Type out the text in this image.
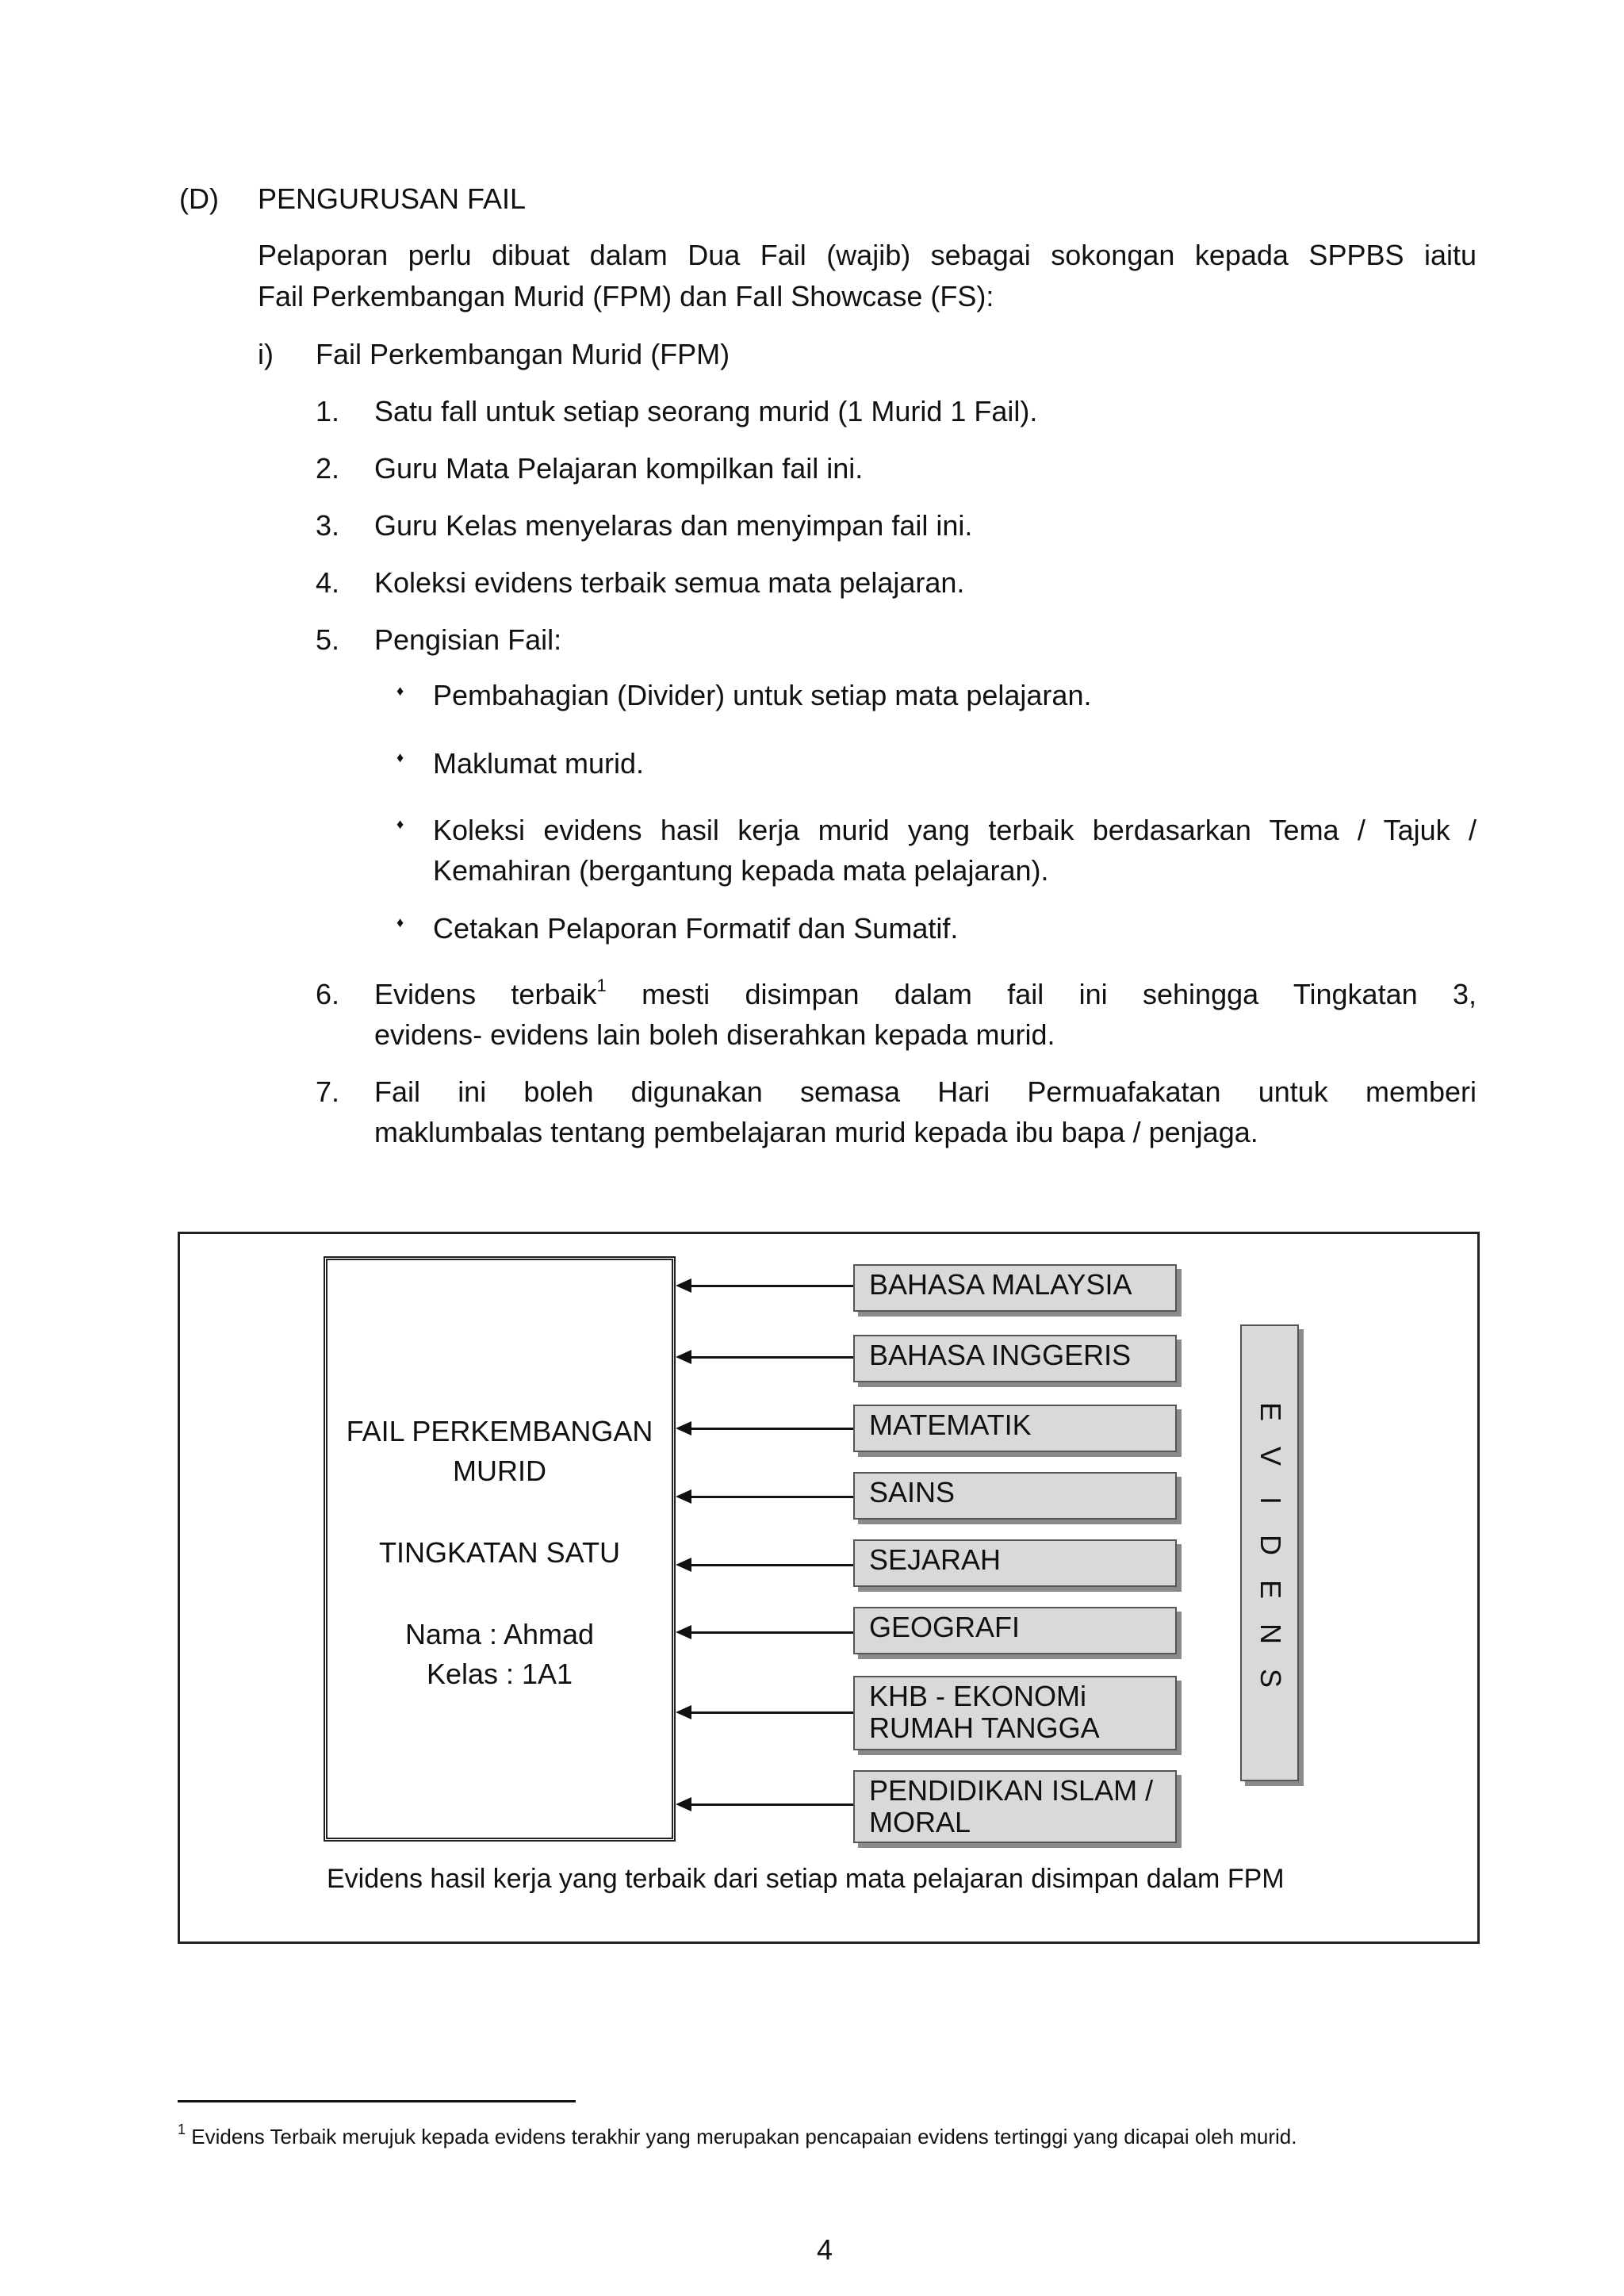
(D) PENGURUSAN FAIL
Pelaporan perlu dibuat dalam Dua Fail (wajib) sebagai sokongan kepada SPPBS iaitu
Fail Perkembangan Murid (FPM) dan FaIl Showcase (FS):
i) Fail Perkembangan Murid (FPM)
1. Satu fall untuk setiap seorang murid (1 Murid 1 Fail).
2. Guru Mata Pelajaran kompilkan fail ini.
3. Guru Kelas menyelaras dan menyimpan fail ini.
4. Koleksi evidens terbaik semua mata pelajaran.
5. Pengisian Fail:
♦ Pembahagian (Divider) untuk setiap mata pelajaran.
♦ Maklumat murid.
♦ Koleksi evidens hasil kerja murid yang terbaik berdasarkan Tema / Tajuk /
Kemahiran (bergantung kepada mata pelajaran).
♦ Cetakan Pelaporan Formatif dan Sumatif.
6. Evidens terbaik$^1$ mesti disimpan dalam fail ini sehingga Tingkatan 3,
evidens- evidens lain boleh diserahkan kepada murid.
7. Fail ini boleh digunakan semasa Hari Permuafakatan untuk memberi
maklumbalas tentang pembelajaran murid kepada ibu bapa / penjaga.
FAIL PERKEMBANGAN
MURID
TINGKATAN SATU
Nama : Ahmad
Kelas : 1A1
BAHASA MALAYSIA
BAHASA INGGERIS
MATEMATIK
SAINS
SEJARAH
GEOGRAFI
KHB - EKONOMi
RUMAH TANGGA
PENDIDIKAN ISLAM /
MORAL
E
V
I
D
E
N
S
Evidens hasil kerja yang terbaik dari setiap mata pelajaran disimpan dalam FPM
$^1$ Evidens Terbaik merujuk kepada evidens terakhir yang merupakan pencapaian evidens tertinggi yang dicapai oleh murid.
4
